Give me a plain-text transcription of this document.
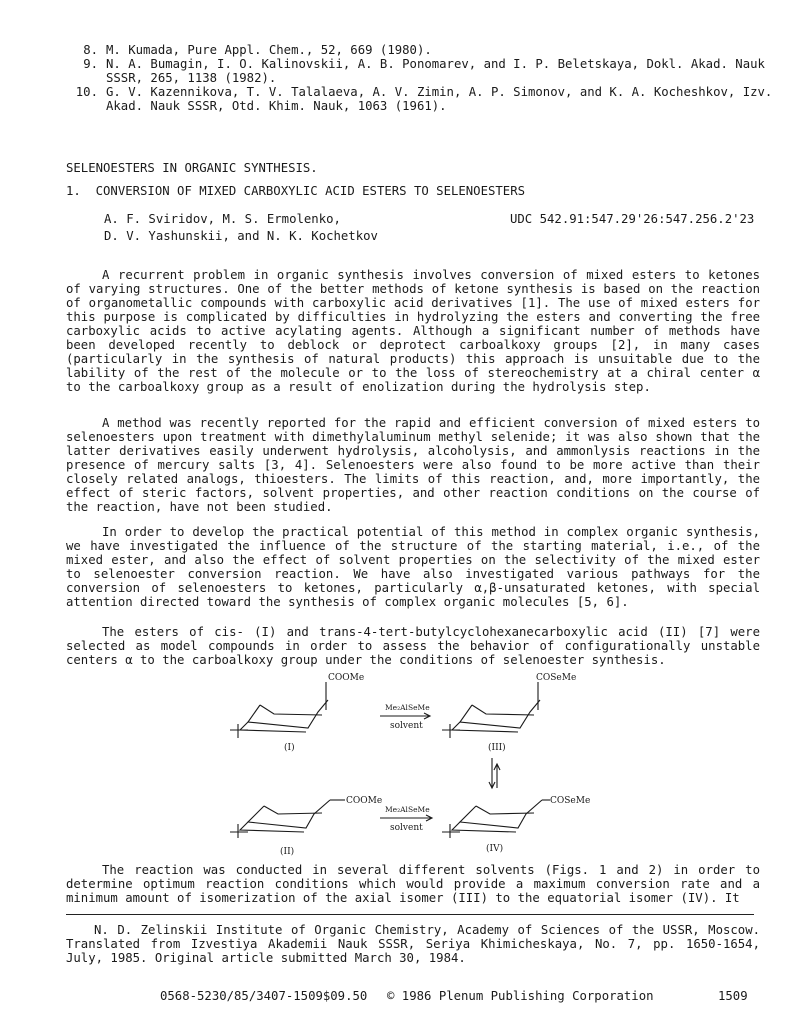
8. M. Kumada, Pure Appl. Chem., 52, 669 (1980).
9. N. A. Bumagin, I. O. Kalinovskii, A. B. Ponomarev, and I. P. Beletskaya, Dokl. Akad. Nauk SSSR, 265, 1138 (1982).
10. G. V. Kazennikova, T. V. Talalaeva, A. V. Zimin, A. P. Simonov, and K. A. Kocheshkov, Izv. Akad. Nauk SSSR, Otd. Khim. Nauk, 1063 (1961).
SELENOESTERS IN ORGANIC SYNTHESIS.
1.  CONVERSION OF MIXED CARBOXYLIC ACID ESTERS TO SELENOESTERS
A. F. Sviridov, M. S. Ermolenko,
D. V. Yashunskii, and N. K. Kochetkov
UDC 542.91:547.29'26:547.256.2'23
A recurrent problem in organic synthesis involves conversion of mixed esters to ketones of varying structures. One of the better methods of ketone synthesis is based on the reaction of organometallic compounds with carboxylic acid derivatives [1]. The use of mixed esters for this purpose is complicated by difficulties in hydrolyzing the esters and converting the free carboxylic acids to active acylating agents. Although a significant number of methods have been developed recently to deblock or deprotect carboalkoxy groups [2], in many cases (particularly in the synthesis of natural products) this approach is unsuitable due to the lability of the rest of the molecule or to the loss of stereochemistry at a chiral center α to the carboalkoxy group as a result of enolization during the hydrolysis step.
A method was recently reported for the rapid and efficient conversion of mixed esters to selenoesters upon treatment with dimethylaluminum methyl selenide; it was also shown that the latter derivatives easily underwent hydrolysis, alcoholysis, and ammonlysis reactions in the presence of mercury salts [3, 4]. Selenoesters were also found to be more active than their closely related analogs, thioesters. The limits of this reaction, and, more importantly, the effect of steric factors, solvent properties, and other reaction conditions on the course of the reaction, have not been studied.
In order to develop the practical potential of this method in complex organic synthesis, we have investigated the influence of the structure of the starting material, i.e., of the mixed ester, and also the effect of solvent properties on the selectivity of the mixed ester to selenoester conversion reaction. We have also investigated various pathways for the conversion of selenoesters to ketones, particularly α,β-unsaturated ketones, with special attention directed toward the synthesis of complex organic molecules [5, 6].
The esters of cis- (I) and trans-4-tert-butylcyclohexanecarboxylic acid (II) [7] were selected as model compounds in order to assess the behavior of configurationally unstable centers α to the carboalkoxy group under the conditions of selenoester synthesis.
COOMe	COSeMe
Me₂AlSeMe
solvent
(I)	(III)
COOMe	COSeMe
Me₂AlSeMe
solvent
(II)	(IV)
The reaction was conducted in several different solvents (Figs. 1 and 2) in order to determine optimum reaction conditions which would provide a maximum conversion rate and a minimum amount of isomerization of the axial isomer (III) to the equatorial isomer (IV). It
N. D. Zelinskii Institute of Organic Chemistry, Academy of Sciences of the USSR, Moscow. Translated from Izvestiya Akademii Nauk SSSR, Seriya Khimicheskaya, No. 7, pp. 1650-1654, July, 1985. Original article submitted March 30, 1984.
0568-5230/85/3407-1509$09.50 © 1986 Plenum Publishing Corporation	1509
